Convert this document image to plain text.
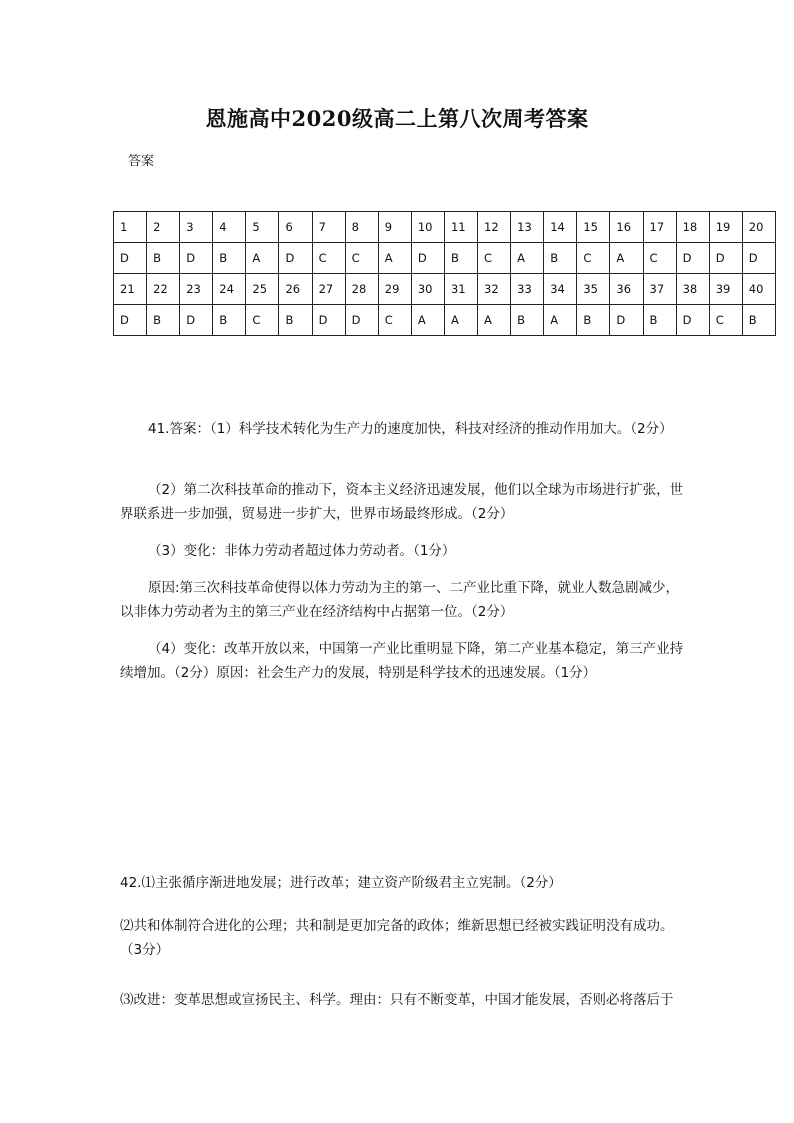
恩施高中2020级高二上第八次周考答案
答案
1	2	3	4	5	6	7	8	9	10	11	12	13	14	15	16	17	18	19	20
D	B	D	B	A	D	C	C	A	D	B	C	A	B	C	A	C	D	D	D
21	22	23	24	25	26	27	28	29	30	31	32	33	34	35	36	37	38	39	40
D	B	D	B	C	B	D	D	C	A	A	A	B	A	B	D	B	D	C	B
41.答案：（1）科学技术转化为生产力的速度加快，科技对经济的推动作用加大。（2分）
（2）第二次科技革命的推动下，资本主义经济迅速发展，他们以全球为市场进行扩张，世界联系进一步加强，贸易进一步扩大，世界市场最终形成。（2分）
（3）变化：非体力劳动者超过体力劳动者。（1分）
原因:第三次科技革命使得以体力劳动为主的第一、二产业比重下降，就业人数急剧减少，以非体力劳动者为主的第三产业在经济结构中占据第一位。（2分）
（4）变化：改革开放以来，中国第一产业比重明显下降，第二产业基本稳定，第三产业持续增加。（2分）原因：社会生产力的发展，特别是科学技术的迅速发展。（1分）
42.⑴主张循序渐进地发展；进行改革；建立资产阶级君主立宪制。（2分）
⑵共和体制符合进化的公理；共和制是更加完备的政体；维新思想已经被实践证明没有成功。（3分）
⑶改进：变革思想或宣扬民主、科学。理由：只有不断变革，中国才能发展，否则必将落后于
